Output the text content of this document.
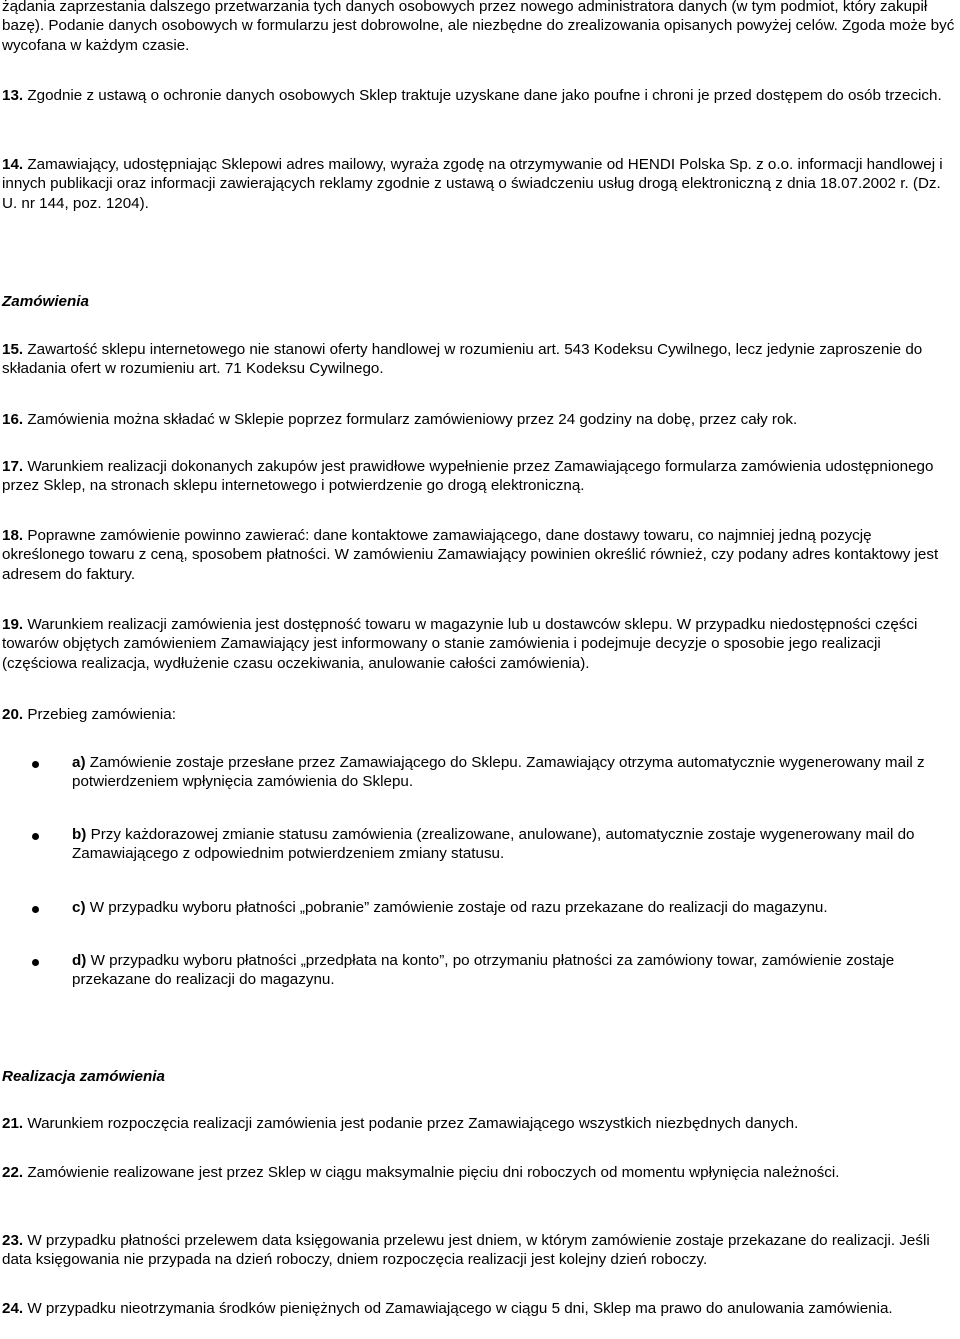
żądania zaprzestania dalszego przetwarzania tych danych osobowych przez nowego administratora danych (w tym podmiot, który zakupił bazę). Podanie danych osobowych w formularzu jest dobrowolne, ale niezbędne do zrealizowania opisanych powyżej celów. Zgoda może być wycofana w każdym czasie.

13. Zgodnie z ustawą o ochronie danych osobowych Sklep traktuje uzyskane dane jako poufne i chroni je przed dostępem do osób trzecich.

14. Zamawiający, udostępniając Sklepowi adres mailowy, wyraża zgodę na otrzymywanie od HENDI Polska Sp. z o.o. informacji handlowej i innych publikacji oraz informacji zawierających reklamy zgodnie z ustawą o świadczeniu usług drogą elektroniczną z dnia 18.07.2002 r. (Dz. U. nr 144, poz. 1204).

Zamówienia

15. Zawartość sklepu internetowego nie stanowi oferty handlowej w rozumieniu art. 543 Kodeksu Cywilnego, lecz jedynie zaproszenie do składania ofert w rozumieniu art. 71 Kodeksu Cywilnego.

16. Zamówienia można składać w Sklepie poprzez formularz zamówieniowy przez 24 godziny na dobę, przez cały rok.

17. Warunkiem realizacji dokonanych zakupów jest prawidłowe wypełnienie przez Zamawiającego formularza zamówienia udostępnionego przez Sklep, na stronach sklepu internetowego i potwierdzenie go drogą elektroniczną.

18. Poprawne zamówienie powinno zawierać: dane kontaktowe zamawiającego, dane dostawy towaru, co najmniej jedną pozycję określonego towaru z ceną, sposobem płatności. W zamówieniu Zamawiający powinien określić również, czy podany adres kontaktowy jest adresem do faktury.

19. Warunkiem realizacji zamówienia jest dostępność towaru w magazynie lub u dostawców sklepu. W przypadku niedostępności części towarów objętych zamówieniem Zamawiający jest informowany o stanie zamówienia i podejmuje decyzje o sposobie jego realizacji (częściowa realizacja, wydłużenie czasu oczekiwania, anulowanie całości zamówienia).

20. Przebieg zamówienia:

a) Zamówienie zostaje przesłane przez Zamawiającego do Sklepu. Zamawiający otrzyma automatycznie wygenerowany mail z potwierdzeniem wpłynięcia zamówienia do Sklepu.

b) Przy każdorazowej zmianie statusu zamówienia (zrealizowane, anulowane), automatycznie zostaje wygenerowany mail do Zamawiającego z odpowiednim potwierdzeniem zmiany statusu.

c) W przypadku wyboru płatności „pobranie” zamówienie zostaje od razu przekazane do realizacji do magazynu.

d) W przypadku wyboru płatności „przedpłata na konto”, po otrzymaniu płatności za zamówiony towar, zamówienie zostaje przekazane do realizacji do magazynu.

Realizacja zamówienia

21. Warunkiem rozpoczęcia realizacji zamówienia jest podanie przez Zamawiającego wszystkich niezbędnych danych.

22. Zamówienie realizowane jest przez Sklep w ciągu maksymalnie pięciu dni roboczych od momentu wpłynięcia należności.

23. W przypadku płatności przelewem data księgowania przelewu jest dniem, w którym zamówienie zostaje przekazane do realizacji. Jeśli data księgowania nie przypada na dzień roboczy, dniem rozpoczęcia realizacji jest kolejny dzień roboczy.

24. W przypadku nieotrzymania środków pieniężnych od Zamawiającego w ciągu 5 dni, Sklep ma prawo do anulowania zamówienia.
